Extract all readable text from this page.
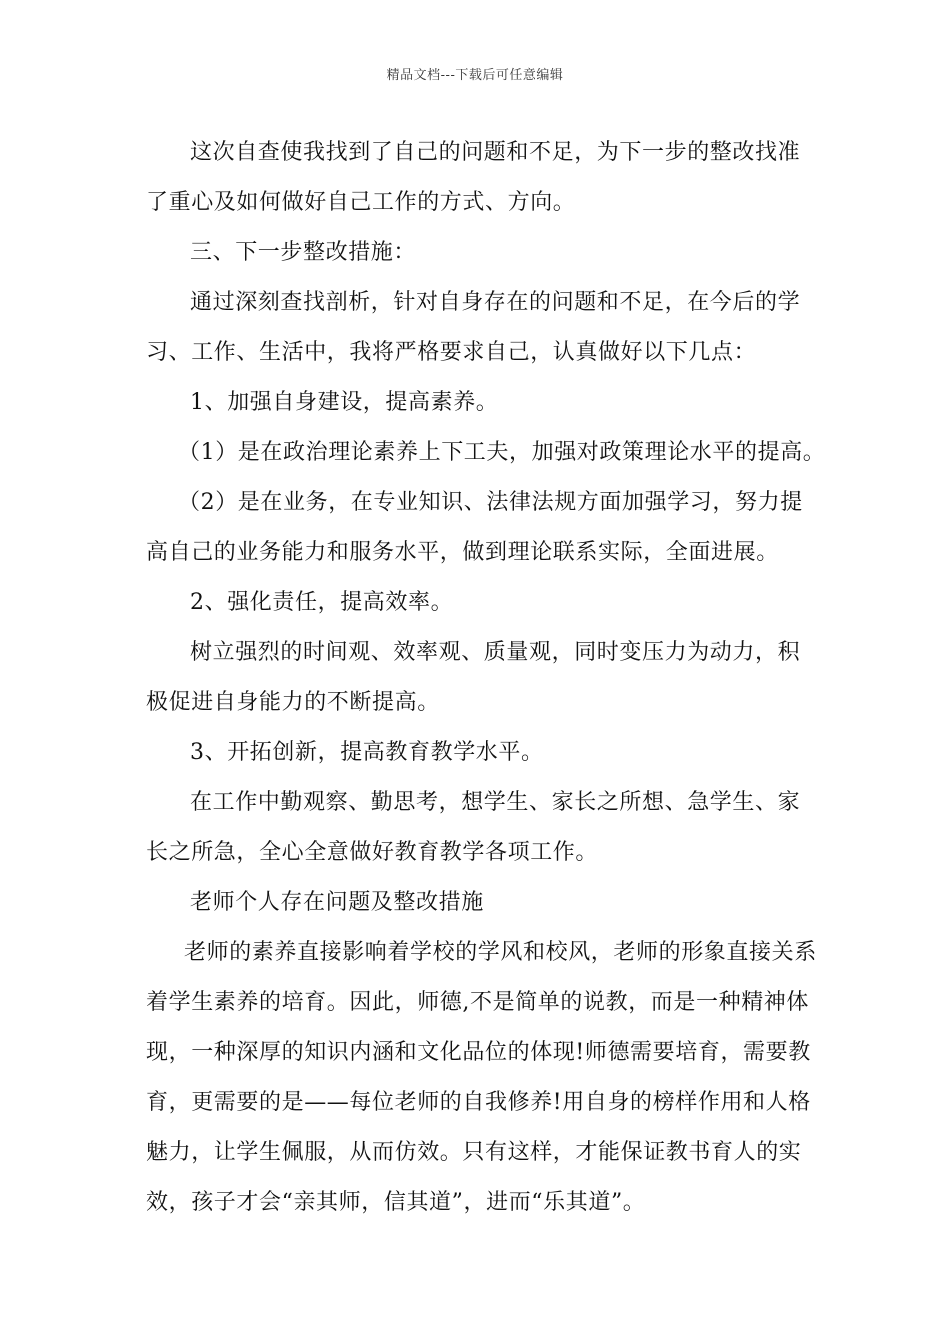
精品文档---下载后可任意编辑
这次自查使我找到了自己的问题和不足，为下一步的整改找准
了重心及如何做好自己工作的方式、方向。
三、下一步整改措施：
通过深刻查找剖析，针对自身存在的问题和不足，在今后的学
习、工作、生活中，我将严格要求自己，认真做好以下几点：
1、加强自身建设，提高素养。
（1）是在政治理论素养上下工夫，加强对政策理论水平的提高。
（2）是在业务，在专业知识、法律法规方面加强学习，努力提
高自己的业务能力和服务水平，做到理论联系实际，全面进展。
2、强化责任，提高效率。
树立强烈的时间观、效率观、质量观，同时变压力为动力，积
极促进自身能力的不断提高。
3、开拓创新，提高教育教学水平。
在工作中勤观察、勤思考，想学生、家长之所想、急学生、家
长之所急，全心全意做好教育教学各项工作。
老师个人存在问题及整改措施
老师的素养直接影响着学校的学风和校风，老师的形象直接关系
着学生素养的培育。因此，师德,不是简单的说教，而是一种精神体
现，一种深厚的知识内涵和文化品位的体现!师德需要培育，需要教
育，更需要的是——每位老师的自我修养!用自身的榜样作用和人格
魅力，让学生佩服，从而仿效。只有这样，才能保证教书育人的实
效，孩子才会“亲其师，信其道”，进而“乐其道”。
